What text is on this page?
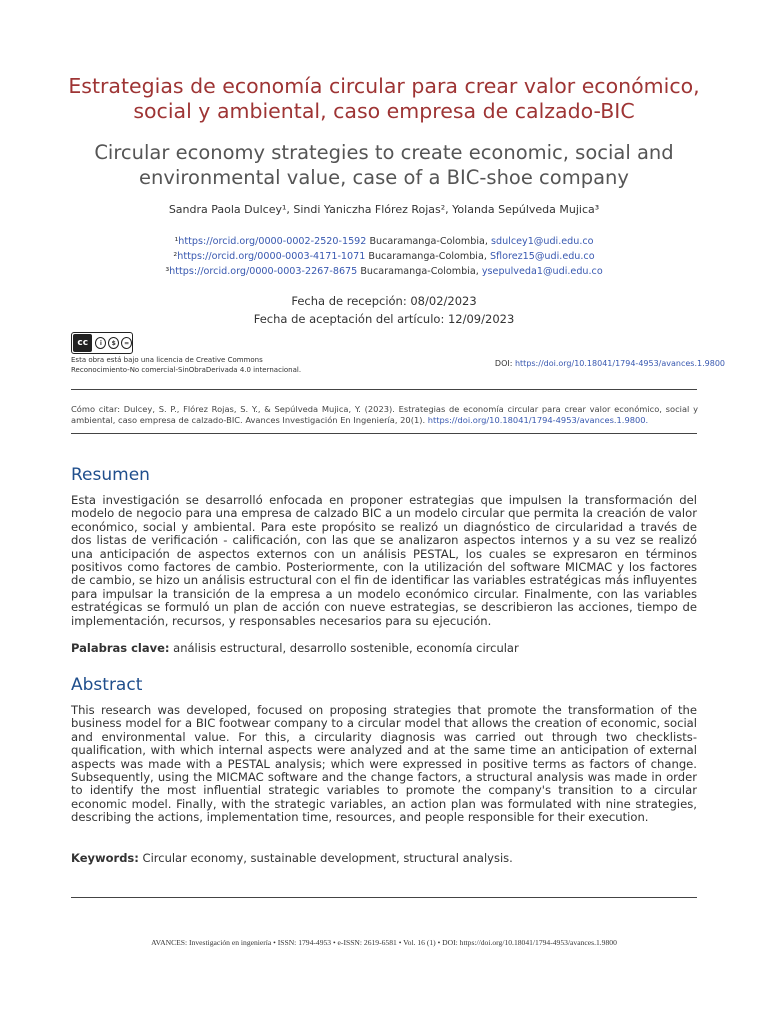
Estrategias de economía circular para crear valor económico,
social y ambiental, caso empresa de calzado-BIC
Circular economy strategies to create economic, social and
environmental value, case of a BIC-shoe company
Sandra Paola Dulcey¹, Sindi Yaniczha Flórez Rojas², Yolanda Sepúlveda Mujica³
¹https://orcid.org/0000-0002-2520-1592 Bucaramanga-Colombia, sdulcey1@udi.edu.co
²https://orcid.org/0000-0003-4171-1071 Bucaramanga-Colombia, Sflorez15@udi.edu.co
³https://orcid.org/0000-0003-2267-8675 Bucaramanga-Colombia, ysepulveda1@udi.edu.co
Fecha de recepción: 08/02/2023
Fecha de aceptación del artículo: 12/09/2023
cc	i	$	=
Esta obra está bajo una licencia de Creative Commons
Reconocimiento-No comercial-SinObraDerivada 4.0 internacional.
DOI: https://doi.org/10.18041/1794-4953/avances.1.9800
Cómo citar: Dulcey, S. P., Flórez Rojas, S. Y., & Sepúlveda Mujica, Y. (2023). Estrategias de economía circular para crear valor económico, social y ambiental, caso empresa de calzado-BIC. Avances Investigación En Ingeniería, 20(1). https://doi.org/10.18041/1794-4953/avances.1.9800.
Resumen
Esta investigación se desarrolló enfocada en proponer estrategias que impulsen la transformación del modelo de negocio para una empresa de calzado BIC a un modelo circular que permita la creación de valor económico, social y ambiental. Para este propósito se realizó un diagnóstico de circularidad a través de dos listas de verificación - calificación, con las que se analizaron aspectos internos y a su vez se realizó una anticipación de aspectos externos con un análisis PESTAL, los cuales se expresaron en términos positivos como factores de cambio. Posteriormente, con la utilización del software MICMAC y los factores de cambio, se hizo un análisis estructural con el fin de identificar las variables estratégicas más influyentes para impulsar la transición de la empresa a un modelo económico circular. Finalmente, con las variables estratégicas se formuló un plan de acción con nueve estrategias, se describieron las acciones, tiempo de implementación, recursos, y responsables necesarios para su ejecución.
Palabras clave: análisis estructural, desarrollo sostenible, economía circular
Abstract
This research was developed, focused on proposing strategies that promote the transformation of the business model for a BIC footwear company to a circular model that allows the creation of economic, social and environmental value. For this, a circularity diagnosis was carried out through two checklists-qualification, with which internal aspects were analyzed and at the same time an anticipation of external aspects was made with a PESTAL analysis; which were expressed in positive terms as factors of change. Subsequently, using the MICMAC software and the change factors, a structural analysis was made in order to identify the most influential strategic variables to promote the company's transition to a circular economic model. Finally, with the strategic variables, an action plan was formulated with nine strategies, describing the actions, implementation time, resources, and people responsible for their execution.
Keywords: Circular economy, sustainable development, structural analysis.
AVANCES: Investigación en ingeniería • ISSN: 1794-4953 • e-ISSN: 2619-6581 • Vol. 16 (1) • DOI: https://doi.org/10.18041/1794-4953/avances.1.9800
